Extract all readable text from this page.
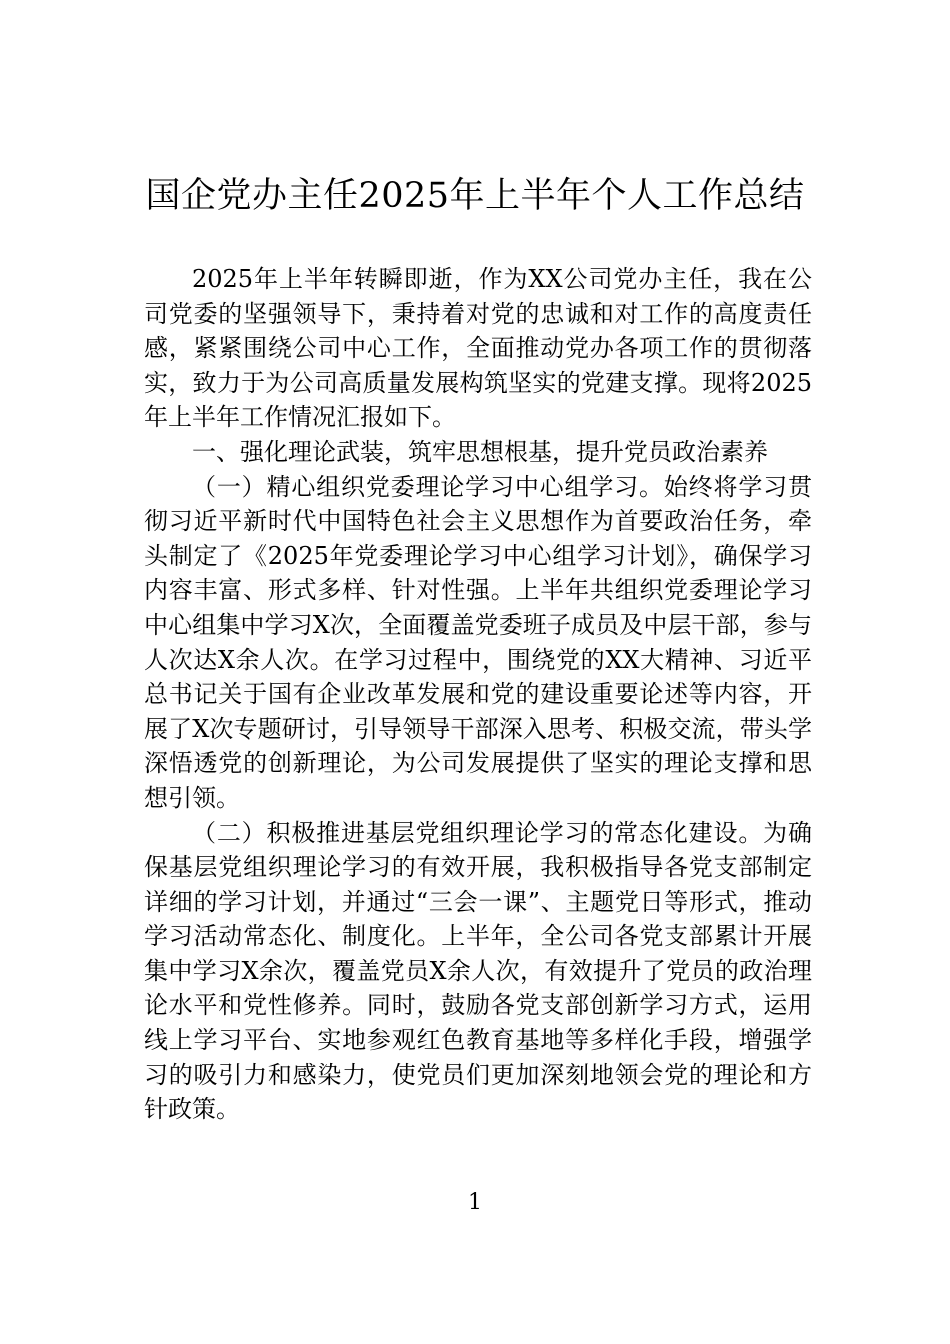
国企党办主任2025年上半年个人工作总结

2025年上半年转瞬即逝，作为XX公司党办主任，我在公司党委的坚强领导下，秉持着对党的忠诚和对工作的高度责任感，紧紧围绕公司中心工作，全面推动党办各项工作的贯彻落实，致力于为公司高质量发展构筑坚实的党建支撑。现将2025年上半年工作情况汇报如下。

一、强化理论武装，筑牢思想根基，提升党员政治素养

（一）精心组织党委理论学习中心组学习。始终将学习贯彻习近平新时代中国特色社会主义思想作为首要政治任务，牵头制定了《2025年党委理论学习中心组学习计划》，确保学习内容丰富、形式多样、针对性强。上半年共组织党委理论学习中心组集中学习X次，全面覆盖党委班子成员及中层干部，参与人次达X余人次。在学习过程中，围绕党的XX大精神、习近平总书记关于国有企业改革发展和党的建设重要论述等内容，开展了X次专题研讨，引导领导干部深入思考、积极交流，带头学深悟透党的创新理论，为公司发展提供了坚实的理论支撑和思想引领。

（二）积极推进基层党组织理论学习的常态化建设。为确保基层党组织理论学习的有效开展，我积极指导各党支部制定详细的学习计划，并通过“三会一课”、主题党日等形式，推动学习活动常态化、制度化。上半年，全公司各党支部累计开展集中学习X余次，覆盖党员X余人次，有效提升了党员的政治理论水平和党性修养。同时，鼓励各党支部创新学习方式，运用线上学习平台、实地参观红色教育基地等多样化手段，增强学习的吸引力和感染力，使党员们更加深刻地领会党的理论和方针政策。

1
